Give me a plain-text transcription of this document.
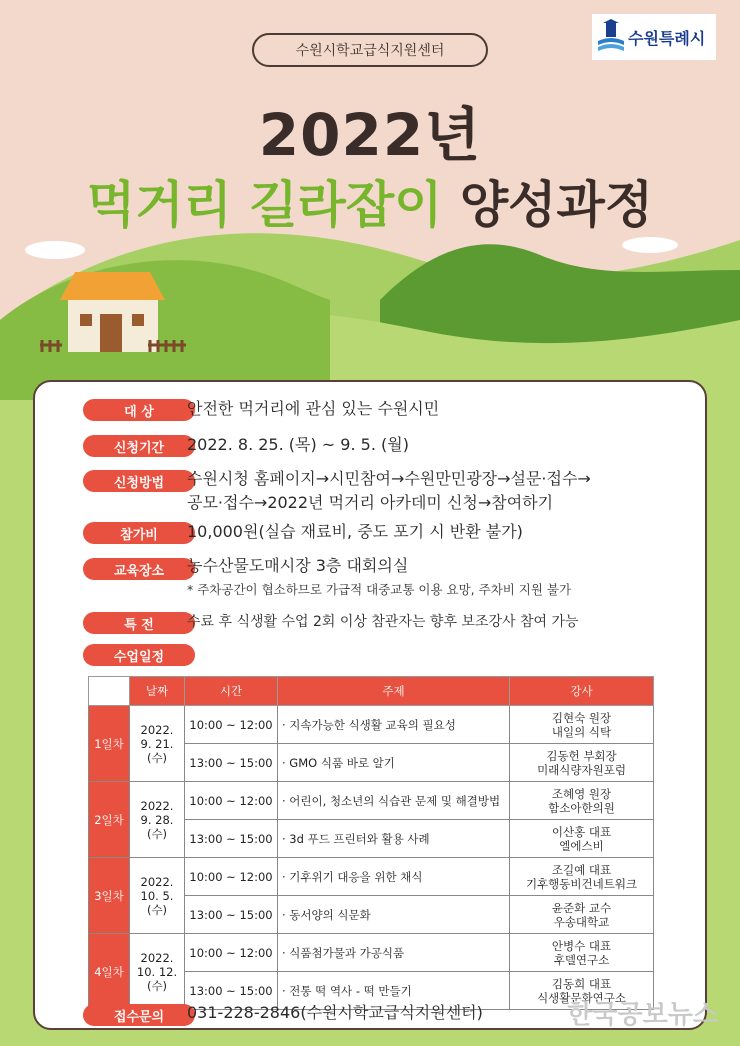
수원시학교급식지원센터
수원특례시
2022년
먹거리 길라잡이 양성과정
대 상	안전한 먹거리에 관심 있는 수원시민
신청기간	2022. 8. 25. (목) ~ 9. 5. (월)
신청방법	수원시청 홈페이지→시민참여→수원만민광장→설문·접수→
공모·접수→2022년 먹거리 아카데미 신청→참여하기
참가비	10,000원(실습 재료비, 중도 포기 시 반환 불가)
교육장소	농수산물도매시장 3층 대회의실
* 주차공간이 협소하므로 가급적 대중교통 이용 요망, 주차비 지원 불가
특 전	수료 후 식생활 수업 2회 이상 참관자는 향후 보조강사 참여 가능
수업일정
	날짜	시간	주제	강사
1일차	2022.
9. 21.
(수)	10:00 ~ 12:00	· 지속가능한 식생활 교육의 필요성	김현숙 원장
내일의 식탁
		13:00 ~ 15:00	· GMO 식품 바로 알기	김동헌 부회장
미래식량자원포럼
2일차	2022.
9. 28.
(수)	10:00 ~ 12:00	· 어린이, 청소년의 식습관 문제 및 해결방법	조혜영 원장
함소아한의원
		13:00 ~ 15:00	· 3d 푸드 프린터와 활용 사례	이산홍 대표
엘에스비
3일차	2022.
10. 5.
(수)	10:00 ~ 12:00	· 기후위기 대응을 위한 채식	조길예 대표
기후행동비건네트워크
		13:00 ~ 15:00	· 동서양의 식문화	윤준화 교수
우송대학교
4일차	2022.
10. 12.
(수)	10:00 ~ 12:00	· 식품첨가물과 가공식품	안병수 대표
후델연구소
		13:00 ~ 15:00	· 전통 떡 역사 - 떡 만들기	김동희 대표
식생활문화연구소
접수문의	031-228-2846(수원시학교급식지원센터)	한국공보뉴스
